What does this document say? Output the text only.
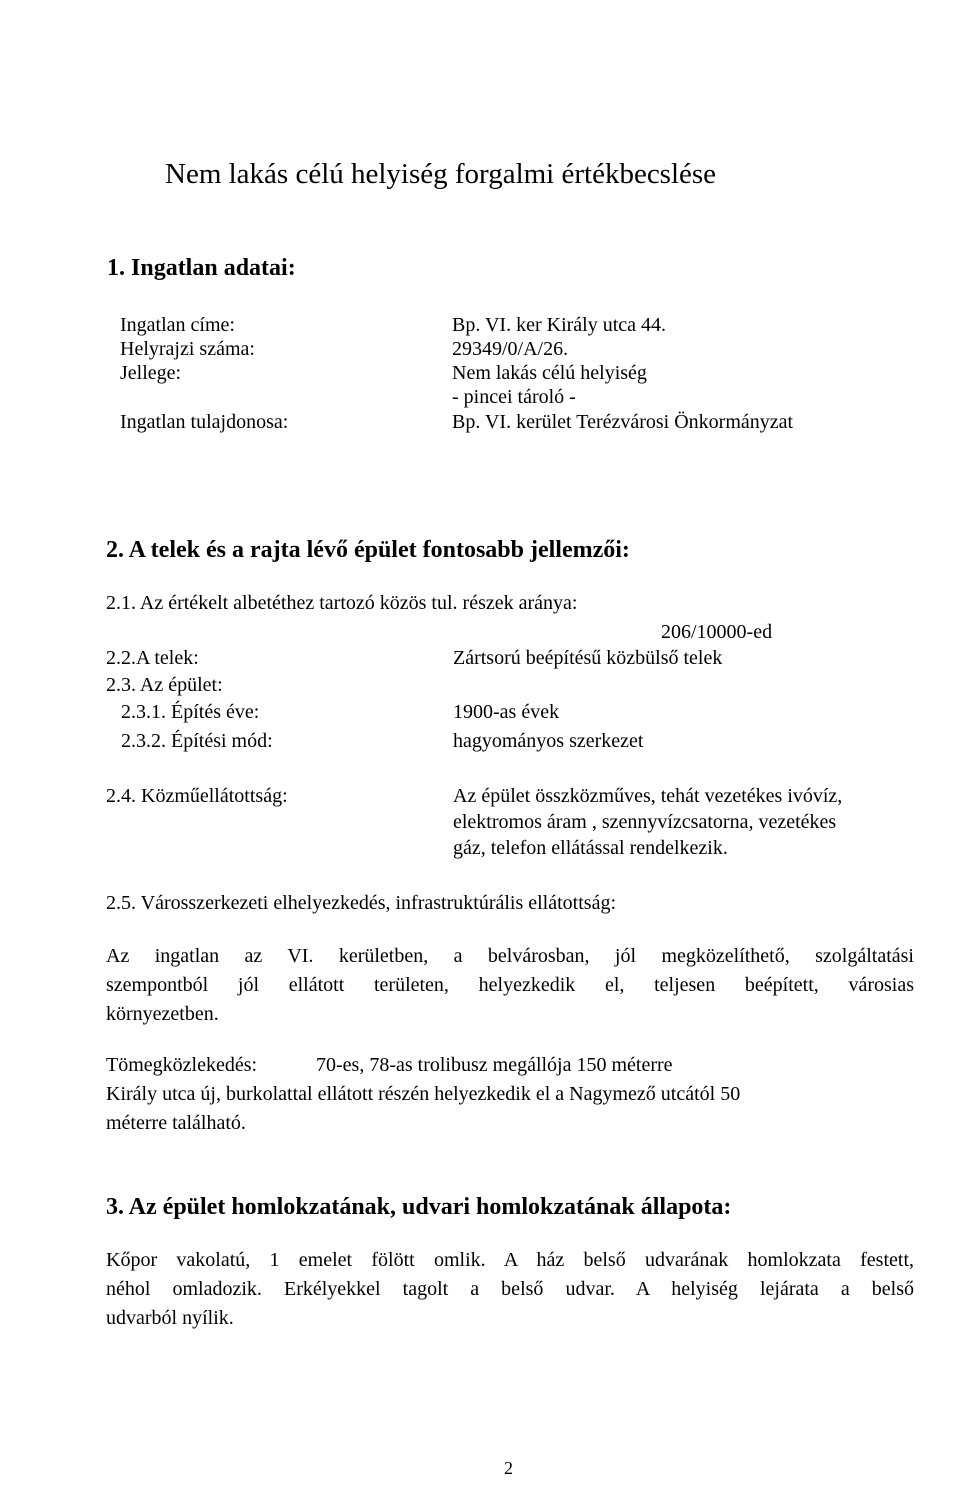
Nem lakás célú helyiség forgalmi értékbecslése
1. Ingatlan adatai:
Ingatlan címe:	Bp. VI. ker Király utca 44.
Helyrajzi száma:	29349/0/A/26.
Jellege:	Nem lakás célú helyiség
- pincei tároló -
Ingatlan tulajdonosa:	Bp. VI. kerület Terézvárosi Önkormányzat
2. A telek és a rajta lévő épület fontosabb jellemzői:
2.1. Az értékelt albetéthez tartozó közös tul. részek aránya:
206/10000-ed
2.2.A telek:	Zártsorú beépítésű közbülső telek
2.3. Az épület:
2.3.1. Építés éve:	1900-as évek
2.3.2. Építési mód:	hagyományos szerkezet
2.4. Közműellátottság:	Az épület összközműves, tehát vezetékes ivóvíz,
elektromos áram , szennyvízcsatorna, vezetékes
gáz, telefon ellátással rendelkezik.
2.5. Városszerkezeti elhelyezkedés, infrastruktúrális ellátottság:
Az ingatlan az VI. kerületben, a belvárosban, jól megközelíthető, szolgáltatási
szempontból jól ellátott területen, helyezkedik el, teljesen beépített, városias
környezetben.
Tömegközlekedés:	70-es, 78-as trolibusz megállója 150 méterre
Király utca új, burkolattal ellátott részén helyezkedik el a Nagymező utcától 50
méterre található.
3. Az épület homlokzatának, udvari homlokzatának állapota:
Kőpor vakolatú, 1 emelet fölött omlik. A ház belső udvarának homlokzata festett,
néhol omladozik. Erkélyekkel tagolt a belső udvar. A helyiség lejárata a belső
udvarból nyílik.
2
